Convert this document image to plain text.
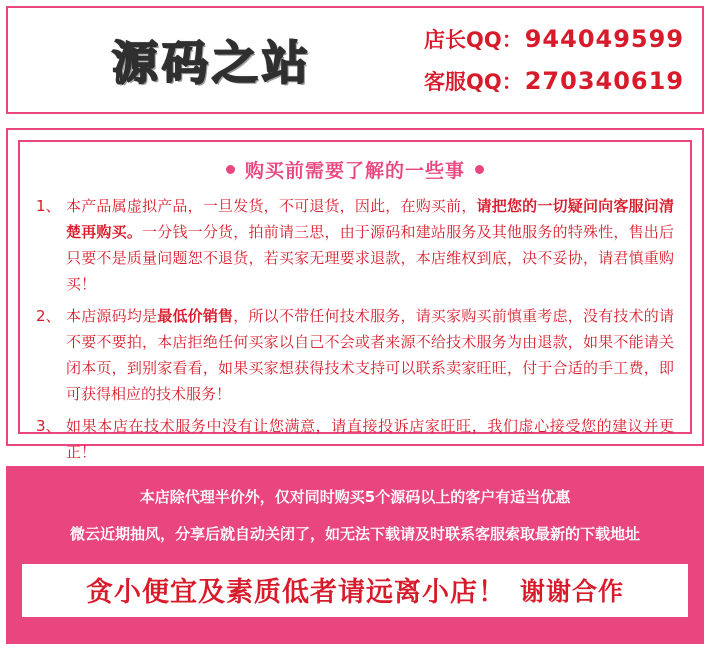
源码之站	店长QQ： 944049599
客服QQ： 270340619
购买前需要了解的一些事
1、 本产品属虚拟产品，一旦发货，不可退货，因此，在购买前，请把您的一切疑问向客服问清楚再购买。一分钱一分货，拍前请三思，由于源码和建站服务及其他服务的特殊性，售出后只要不是质量问题恕不退货，若买家无理要求退款，本店维权到底，决不妥协，请君慎重购买！
2、 本店源码均是最低价销售，所以不带任何技术服务，请买家购买前慎重考虑，没有技术的请不要不要拍，本店拒绝任何买家以自己不会或者来源不给技术服务为由退款，如果不能请关闭本页，到别家看看，如果买家想获得技术支持可以联系卖家旺旺，付于合适的手工费，即可获得相应的技术服务！
3、 如果本店在技术服务中没有让您满意，请直接投诉店家旺旺，我们虚心接受您的建议并更正！
本店除代理半价外，仅对同时购买5个源码以上的客户有适当优惠
微云近期抽风，分享后就自动关闭了，如无法下载请及时联系客服索取最新的下载地址
贪小便宜及素质低者请远离小店！ 谢谢合作
